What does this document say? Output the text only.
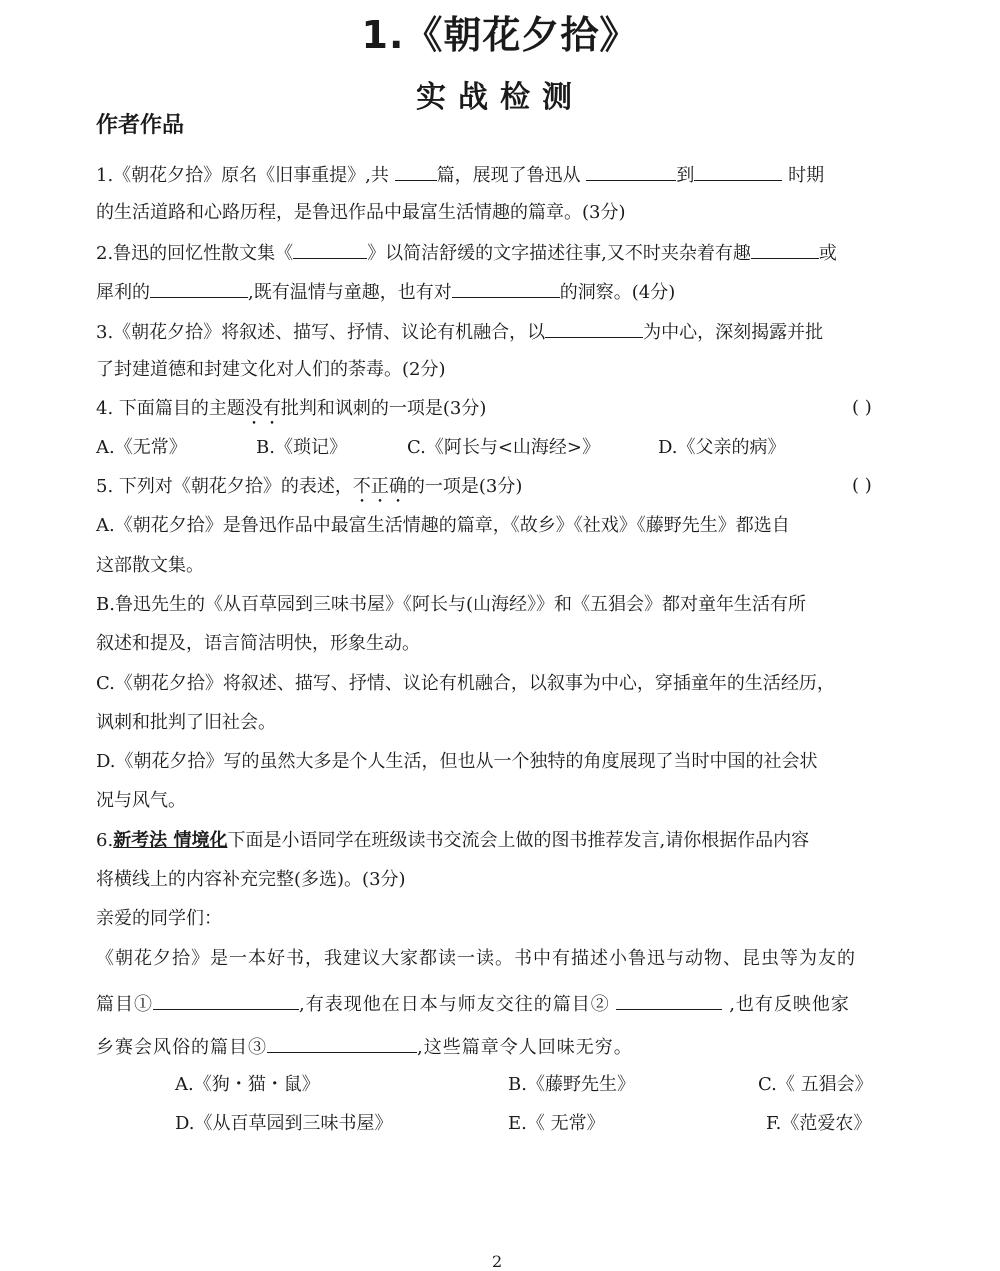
1.《朝花夕拾》
实战检测
作者作品
1.《朝花夕拾》原名《旧事重提》,共	篇，展现了鲁迅从	到	时期
的生活道路和心路历程，是鲁迅作品中最富生活情趣的篇章。(3分)
2.鲁迅的回忆性散文集《	》以简洁舒缓的文字描述往事,又不时夹杂着有趣	或
犀利的	,既有温情与童趣，也有对	的洞察。(4分)
3.《朝花夕拾》将叙述、描写、抒情、议论有机融合，以	为中心，深刻揭露并批
了封建道德和封建文化对人们的荼毒。(2分)
4. 下面篇目的主题没有批判和讽刺的一项是(3分)	( )
A.《无常》	B.《琐记》	C.《阿长与<山海经>》	D.《父亲的病》
5. 下列对《朝花夕拾》的表述，不正确的一项是(3分)	( )
A.《朝花夕拾》是鲁迅作品中最富生活情趣的篇章，《故乡》《社戏》《藤野先生》都选自
这部散文集。
B.鲁迅先生的《从百草园到三味书屋》《阿长与(山海经》》和《五猖会》都对童年生活有所
叙述和提及，语言简洁明快，形象生动。
C.《朝花夕拾》将叙述、描写、抒情、议论有机融合，以叙事为中心，穿插童年的生活经历，
讽刺和批判了旧社会。
D.《朝花夕拾》写的虽然大多是个人生活，但也从一个独特的角度展现了当时中国的社会状
况与风气。
6.新考法 情境化下面是小语同学在班级读书交流会上做的图书推荐发言,请你根据作品内容
将横线上的内容补充完整(多选)。(3分)
亲爱的同学们：
《朝花夕拾》是一本好书，我建议大家都读一读。书中有描述小鲁迅与动物、昆虫等为友的
篇目①	,有表现他在日本与师友交往的篇目②	,也有反映他家
乡赛会风俗的篇目③	,这些篇章令人回味无穷。
A.《狗・猫・鼠》	B.《藤野先生》	C.《 五猖会》
D.《从百草园到三味书屋》	E.《 无常》	F.《范爱农》
2
